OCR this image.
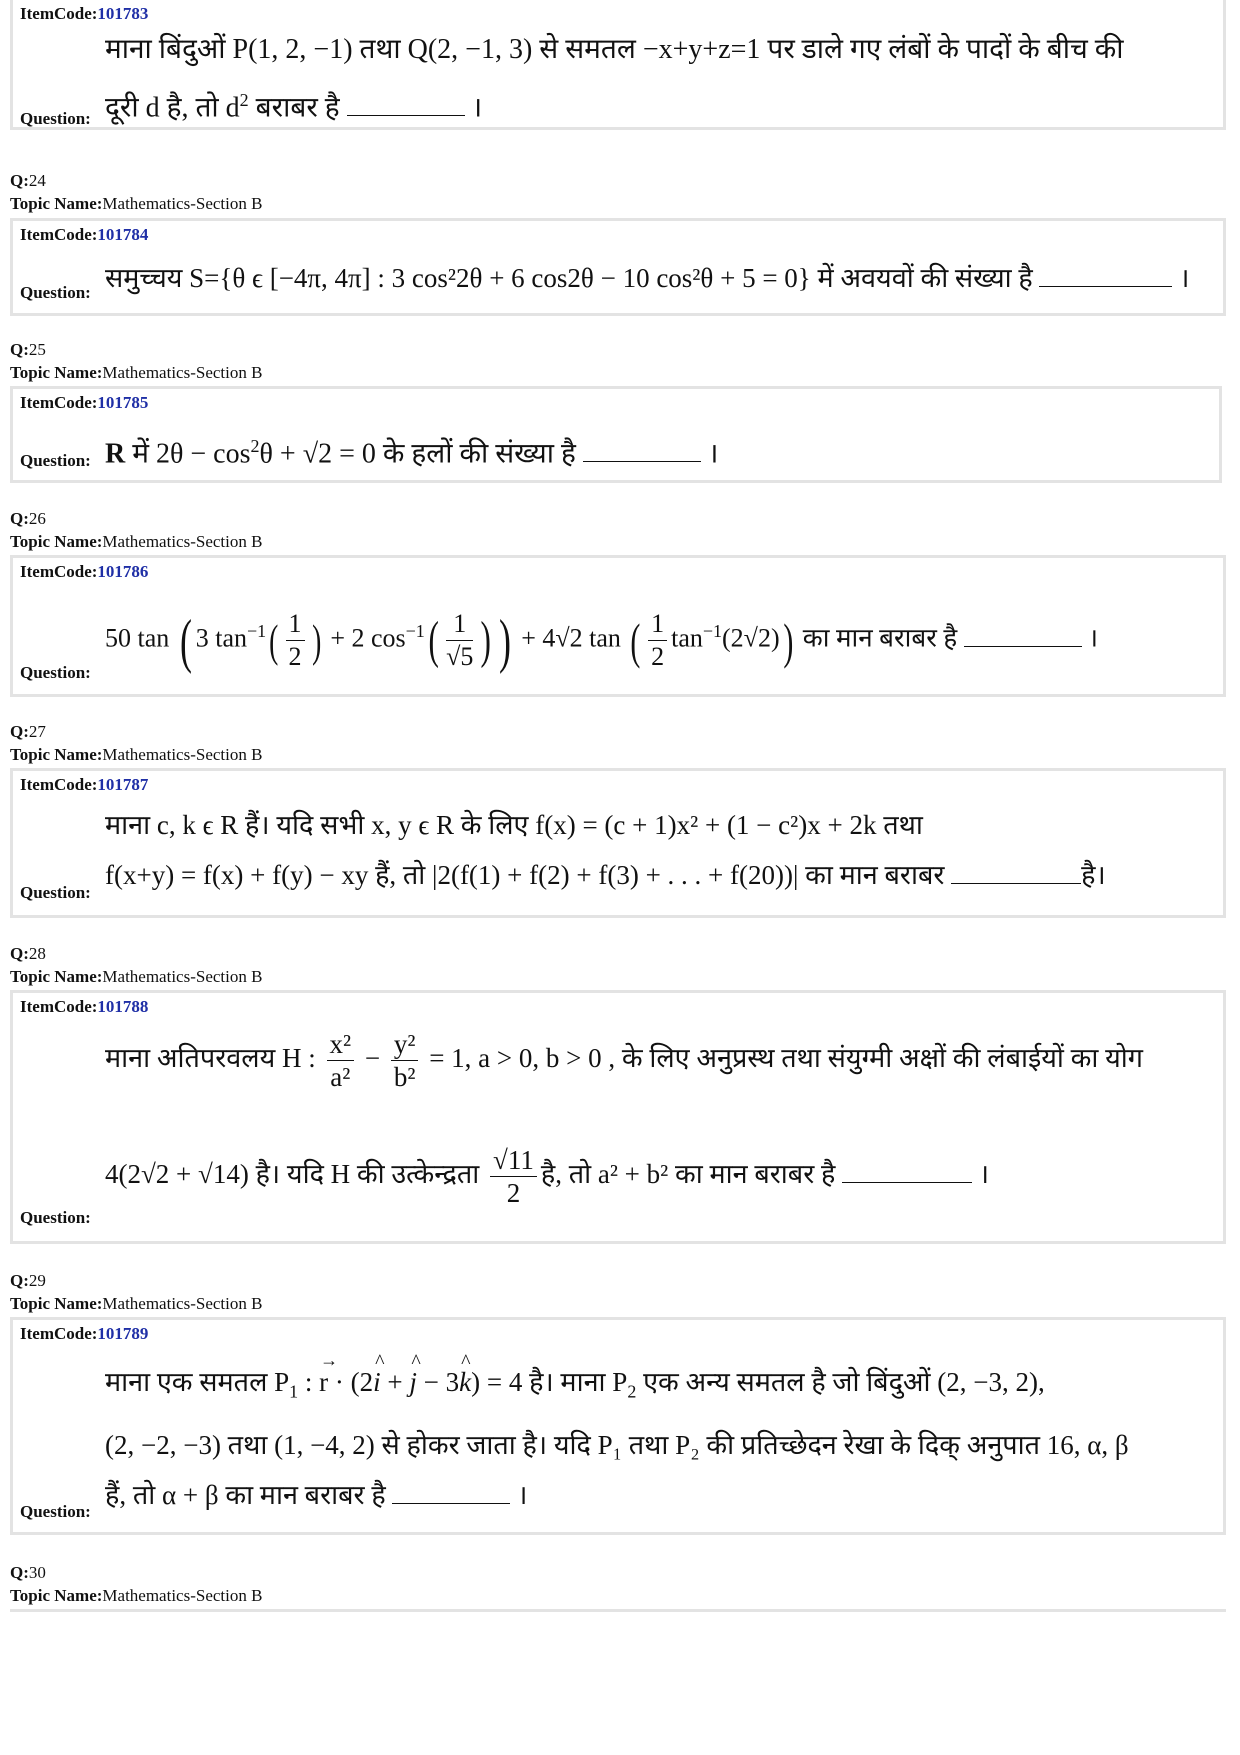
ItemCode:101783
माना बिंदुओं P(1, 2, −1) तथा Q(2, −1, 3) से समतल −x+y+z=1 पर डाले गए लंबों के पादों के बीच की
दूरी d है, तो $d^2$ बराबर है	।
Question:
Q:24
Topic Name:Mathematics-Section B
ItemCode:101784
समुच्चय S={θ ϵ [−4π, 4π] : 3 cos²2θ + 6 cos2θ − 10 cos²θ + 5 = 0} में अवयवों की संख्या है	।
Question:
Q:25
Topic Name:Mathematics-Section B
ItemCode:101785
R में $2\theta - \cos^2\theta + √2 = 0$ के हलों की संख्या है	।
Question:
Q:26
Topic Name:Mathematics-Section B
ItemCode:101786
50 tan ( 3 $\tan^{-1}( \frac{1}{2}$ ) + 2 $\cos^{-1}( \frac{1}{√5}$ ) ) + 4√2 tan ( $\frac{1}{2} \tan^{-1}(2√2)$) का मान बराबर है	।
Question:
Q:27
Topic Name:Mathematics-Section B
ItemCode:101787
माना c, k ϵ R हैं। यदि सभी x, y ϵ R के लिए f(x) = (c + 1)x² + (1 − c²)x + 2k तथा
f(x+y) = f(x) + f(y) − xy हैं, तो |2(f(1) + f(2) + f(3) + . . . + f(20))| का मान बराबर	है।
Question:
Q:28
Topic Name:Mathematics-Section B
ItemCode:101788
माना अतिपरवलय H : $\frac{\text{x²}}{\text{a²}} - \frac{\text{y²}}{\text{b²}} = 1$, a > 0, b > 0 , के लिए अनुप्रस्थ तथा संयुग्मी अक्षों की लंबाईयों का योग
4(2√2 + √14) है। यदि H की उत्केन्द्रता $\frac{√11}{2}$ है, तो a² + b² का मान बराबर है	।
Question:
Q:29
Topic Name:Mathematics-Section B
ItemCode:101789
माना एक समतल $P_1$ : → r · (2^ i + ^ j − 3^ k) = 4 है। माना $P_2$ एक अन्य समतल है जो बिंदुओं (2, −3, 2),
(2, −2, −3) तथा (1, −4, 2) से होकर जाता है। यदि P₁ तथा P₂ की प्रतिच्छेदन रेखा के दिक् अनुपात 16, α, β
हैं, तो α + β का मान बराबर है	।
Question:
Q:30
Topic Name:Mathematics-Section B
